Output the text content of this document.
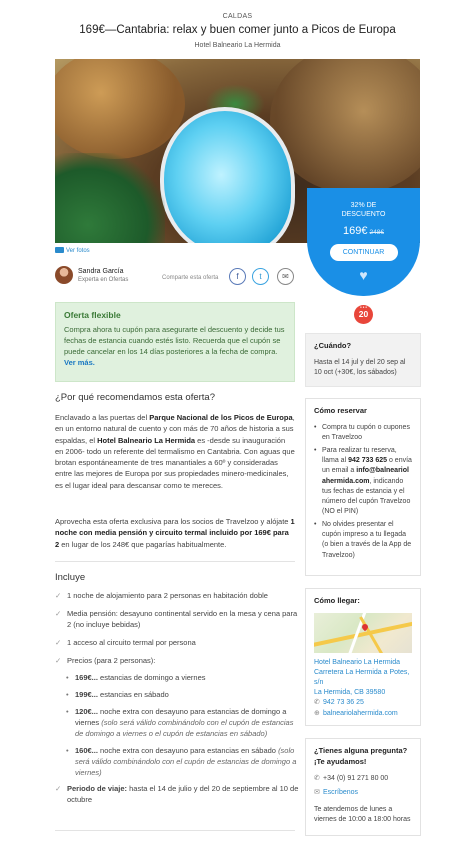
CALDAS
169€—Cantabria: relax y buen comer junto a Picos de Europa
Hotel Balneario La Hermida
Ver fotos
32% DE
DESCUENTO
169€ 248€
CONTINUAR
♥
Sandra García
Experta en Ofertas	Comparte esta oferta	f	t	✉
● ● ●
20
Oferta flexible
Compra ahora tu cupón para asegurarte el descuento y decide tus fechas de estancia cuando estés listo. Recuerda que el cupón se puede cancelar en los 14 días posteriores a la fecha de compra. Ver más.
¿Por qué recomendamos esta oferta?
Enclavado a las puertas del Parque Nacional de los Picos de Europa, en un entorno natural de cuento y con más de 70 años de historia a sus espaldas, el Hotel Balneario La Hermida es -desde su inauguración en 2006- todo un referente del termalismo en Cantabria. Con aguas que brotan espontáneamente de tres manantiales a 60º y consideradas entre las mejores de Europa por sus propiedades minero-medicinales, es el lugar ideal para descansar como te mereces.
Aprovecha esta oferta exclusiva para los socios de Travelzoo y alójate 1 noche con media pensión y circuito termal incluido por 169€ para 2 en lugar de los 248€ que pagarías habitualmente.
Incluye
✓ 1 noche de alojamiento para 2 personas en habitación doble
✓ Media pensión: desayuno continental servido en la mesa y cena para 2 (no incluye bebidas)
✓ 1 acceso al circuito termal por persona
✓ Precios (para 2 personas):
• 169€... estancias de domingo a viernes
• 199€... estancias en sábado
• 120€... noche extra con desayuno para estancias de domingo a viernes (solo será válido combinándolo con el cupón de estancias de domingo a viernes o el cupón de estancias en sábado)
• 160€... noche extra con desayuno para estancias en sábado (solo será válido combinándolo con el cupón de estancias de domingo a viernes)
✓ Periodo de viaje: hasta el 14 de julio y del 20 de septiembre al 10 de octubre
¿Cuándo?
Hasta el 14 jul y del 20 sep al 10 oct (+30€, los sábados)
Cómo reservar
• Compra tu cupón o cupones en Travelzoo
• Para realizar tu reserva, llama al 942 733 625 o envía un email a info@balneariolahermida.com, indicando tus fechas de estancia y el número del cupón Travelzoo (NO el PIN)
• No olvides presentar el cupón impreso a tu llegada (o bien a través de la App de Travelzoo)
Cómo llegar:
Hotel Balneario La Hermida
Carretera La Hermida a Potes, s/n
La Hermida, CB 39580
✆ 942 73 36 25
⊕ balneariolahermida.com
¿Tienes alguna pregunta? ¡Te ayudamos!
✆ +34 (0) 91 271 80 00
✉ Escríbenos
Te atendemos de lunes a viernes de 10:00 a 18:00 horas
